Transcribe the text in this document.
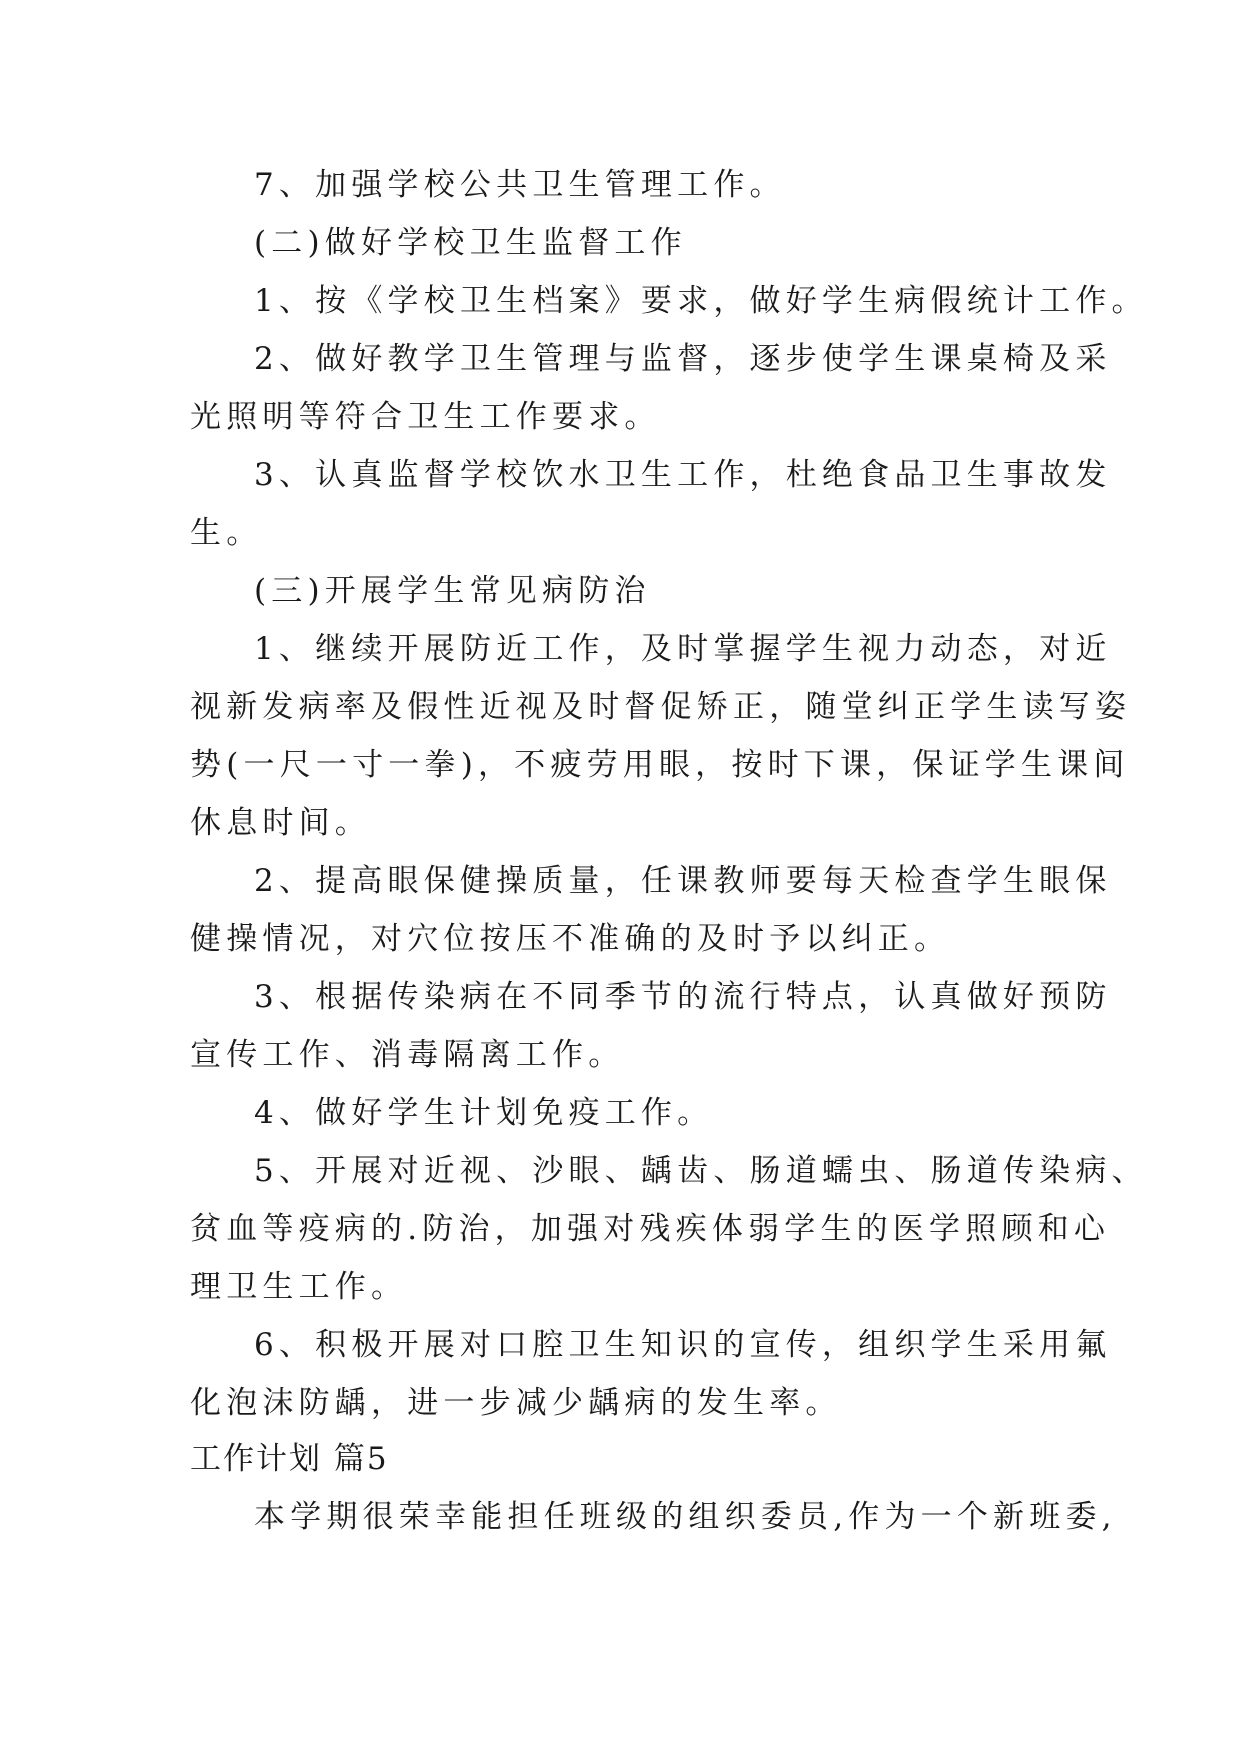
7、加强学校公共卫生管理工作。
(二)做好学校卫生监督工作
1、按《学校卫生档案》要求，做好学生病假统计工作。
2、做好教学卫生管理与监督，逐步使学生课桌椅及采
光照明等符合卫生工作要求。
3、认真监督学校饮水卫生工作，杜绝食品卫生事故发
生。
(三)开展学生常见病防治
1、继续开展防近工作，及时掌握学生视力动态，对近
视新发病率及假性近视及时督促矫正，随堂纠正学生读写姿
势(一尺一寸一拳)，不疲劳用眼，按时下课，保证学生课间
休息时间。
2、提高眼保健操质量，任课教师要每天检查学生眼保
健操情况，对穴位按压不准确的及时予以纠正。
3、根据传染病在不同季节的流行特点，认真做好预防
宣传工作、消毒隔离工作。
4、做好学生计划免疫工作。
5、开展对近视、沙眼、龋齿、肠道蠕虫、肠道传染病、
贫血等疫病的.防治，加强对残疾体弱学生的医学照顾和心
理卫生工作。
6、积极开展对口腔卫生知识的宣传，组织学生采用氟
化泡沫防龋，进一步减少龋病的发生率。
工作计划 篇5
本学期很荣幸能担任班级的组织委员,作为一个新班委,
